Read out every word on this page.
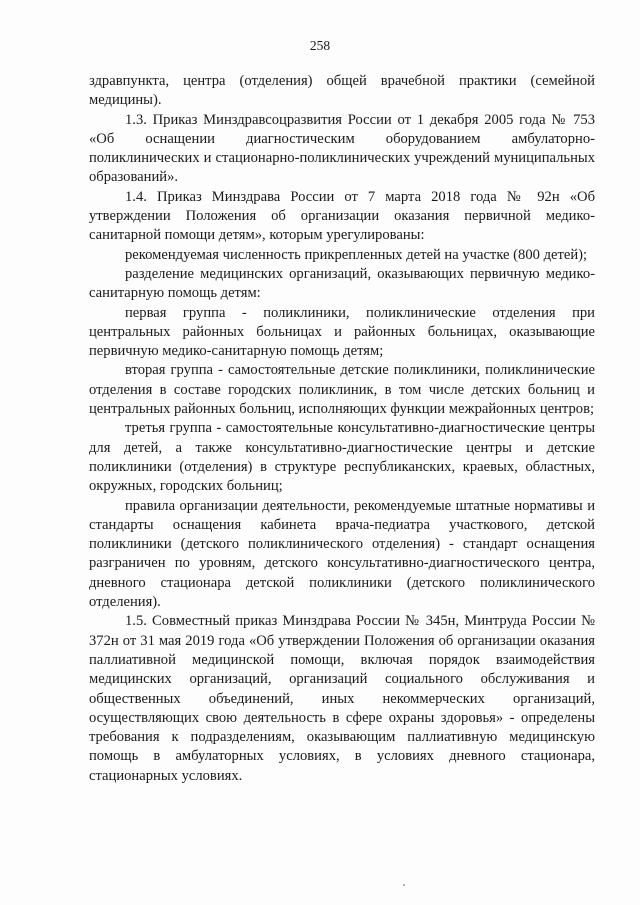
258

здравпункта, центра (отделения) общей врачебной практики (семейной медицины).

1.3. Приказ Минздравсоцразвития России от 1 декабря 2005 года № 753 «Об оснащении диагностическим оборудованием амбулаторно-поликлинических и стационарно-поликлинических учреждений муниципальных образований».

1.4. Приказ Минздрава России от 7 марта 2018 года № 92н «Об утверждении Положения об организации оказания первичной медико-санитарной помощи детям», которым урегулированы:

рекомендуемая численность прикрепленных детей на участке (800 детей);

разделение медицинских организаций, оказывающих первичную медико-санитарную помощь детям:

первая группа - поликлиники, поликлинические отделения при центральных районных больницах и районных больницах, оказывающие первичную медико-санитарную помощь детям;

вторая группа - самостоятельные детские поликлиники, поликлинические отделения в составе городских поликлиник, в том числе детских больниц и центральных районных больниц, исполняющих функции межрайонных центров;

третья группа - самостоятельные консультативно-диагностические центры для детей, а также консультативно-диагностические центры и детские поликлиники (отделения) в структуре республиканских, краевых, областных, окружных, городских больниц;

правила организации деятельности, рекомендуемые штатные нормативы и стандарты оснащения кабинета врача-педиатра участкового, детской поликлиники (детского поликлинического отделения) - стандарт оснащения разграничен по уровням, детского консультативно-диагностического центра, дневного стационара детской поликлиники (детского поликлинического отделения).

1.5. Совместный приказ Минздрава России № 345н, Минтруда России № 372н от 31 мая 2019 года «Об утверждении Положения об организации оказания паллиативной медицинской помощи, включая порядок взаимодействия медицинских организаций, организаций социального обслуживания и общественных объединений, иных некоммерческих организаций, осуществляющих свою деятельность в сфере охраны здоровья» - определены требования к подразделениям, оказывающим паллиативную медицинскую помощь в амбулаторных условиях, в условиях дневного стационара, стационарных условиях.
